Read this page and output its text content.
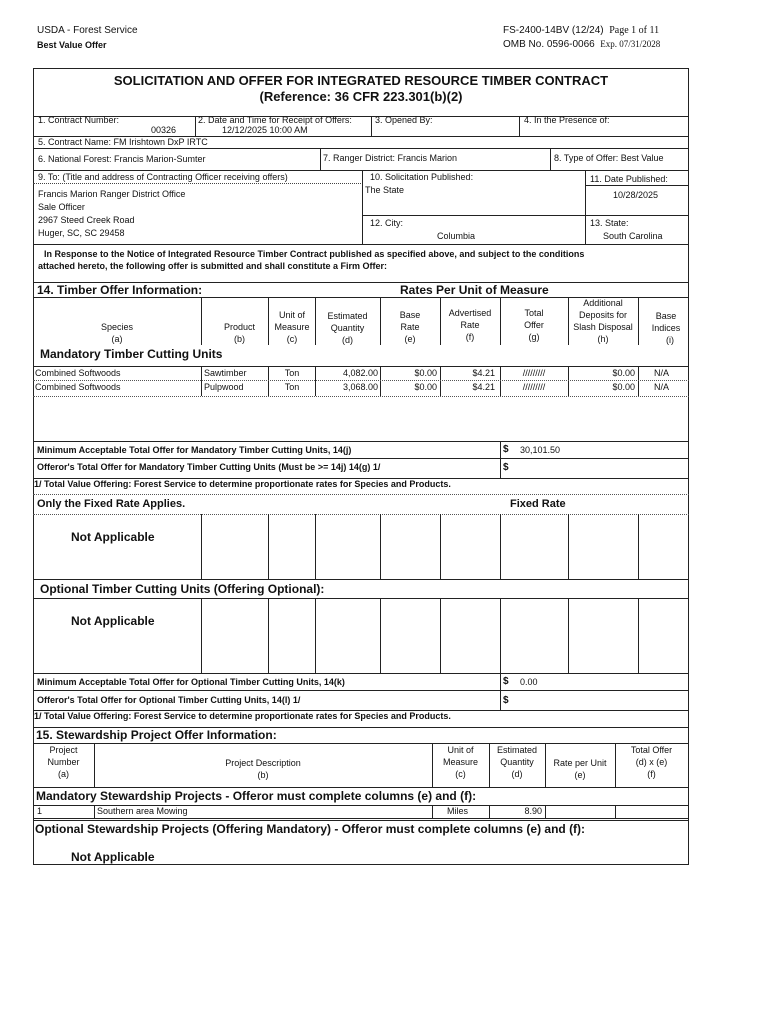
USDA - Forest Service
Best Value Offer
FS-2400-14BV (12/24) Page 1 of 11
OMB No. 0596-0066 Exp. 07/31/2028
SOLICITATION AND OFFER FOR INTEGRATED RESOURCE TIMBER CONTRACT
(Reference: 36 CFR 223.301(b)(2)
1. Contract Number:
00326
2. Date and Time for Receipt of Offers:
12/12/2025 10:00 AM
3. Opened By:	4. In the Presence of:
5. Contract Name: FM Irishtown DxP IRTC
6. National Forest: Francis Marion-Sumter	7. Ranger District: Francis Marion	8. Type of Offer: Best Value
9. To: (Title and address of Contracting Officer receiving offers)
Francis Marion Ranger District Office
Sale Officer
2967 Steed Creek Road
Huger, SC, SC 29458
10. Solicitation Published:
The State
11. Date Published:
10/28/2025
12. City:
Columbia
13. State:
South Carolina
In Response to the Notice of Integrated Resource Timber Contract published as specified above, and subject to the conditions
attached hereto, the following offer is submitted and shall constitute a Firm Offer:
14. Timber Offer Information:	Rates Per Unit of Measure
Species
(a)
Product
(b)
Unit of
Measure
(c)
Estimated
Quantity
(d)
Base
Rate
(e)
Advertised
Rate
(f)
Total
Offer
(g)
Additional
Deposits for
Slash Disposal
(h)
Base
Indices
(i)
Mandatory Timber Cutting Units
Combined Softwoods	Sawtimber	Ton	4,082.00	$0.00	$4.21	/////////	$0.00 N/A
Combined Softwoods	Pulpwood	Ton	3,068.00	$0.00	$4.21	/////////	$0.00 N/A
Minimum Acceptable Total Offer for Mandatory Timber Cutting Units, 14(j)	$ 30,101.50
Offeror's Total Offer for Mandatory Timber Cutting Units (Must be >= 14j) 14(g) 1/	$
1/ Total Value Offering: Forest Service to determine proportionate rates for Species and Products.
Only the Fixed Rate Applies.	Fixed Rate
Not Applicable
Optional Timber Cutting Units (Offering Optional):
Not Applicable
Minimum Acceptable Total Offer for Optional Timber Cutting Units, 14(k)	$ 0.00
Offeror's Total Offer for Optional Timber Cutting Units, 14(l) 1/	$
1/ Total Value Offering: Forest Service to determine proportionate rates for Species and Products.
15. Stewardship Project Offer Information:
Project
Number
(a)
Project Description
(b)
Unit of
Measure
(c)
Estimated
Quantity
(d)
Rate per Unit
(e)
Total Offer
(d) x (e)
(f)
Mandatory Stewardship Projects - Offeror must complete columns (e) and (f):
1	Southern area Mowing	Miles	8.90
Optional Stewardship Projects (Offering Mandatory) - Offeror must complete columns (e) and (f):
Not Applicable
